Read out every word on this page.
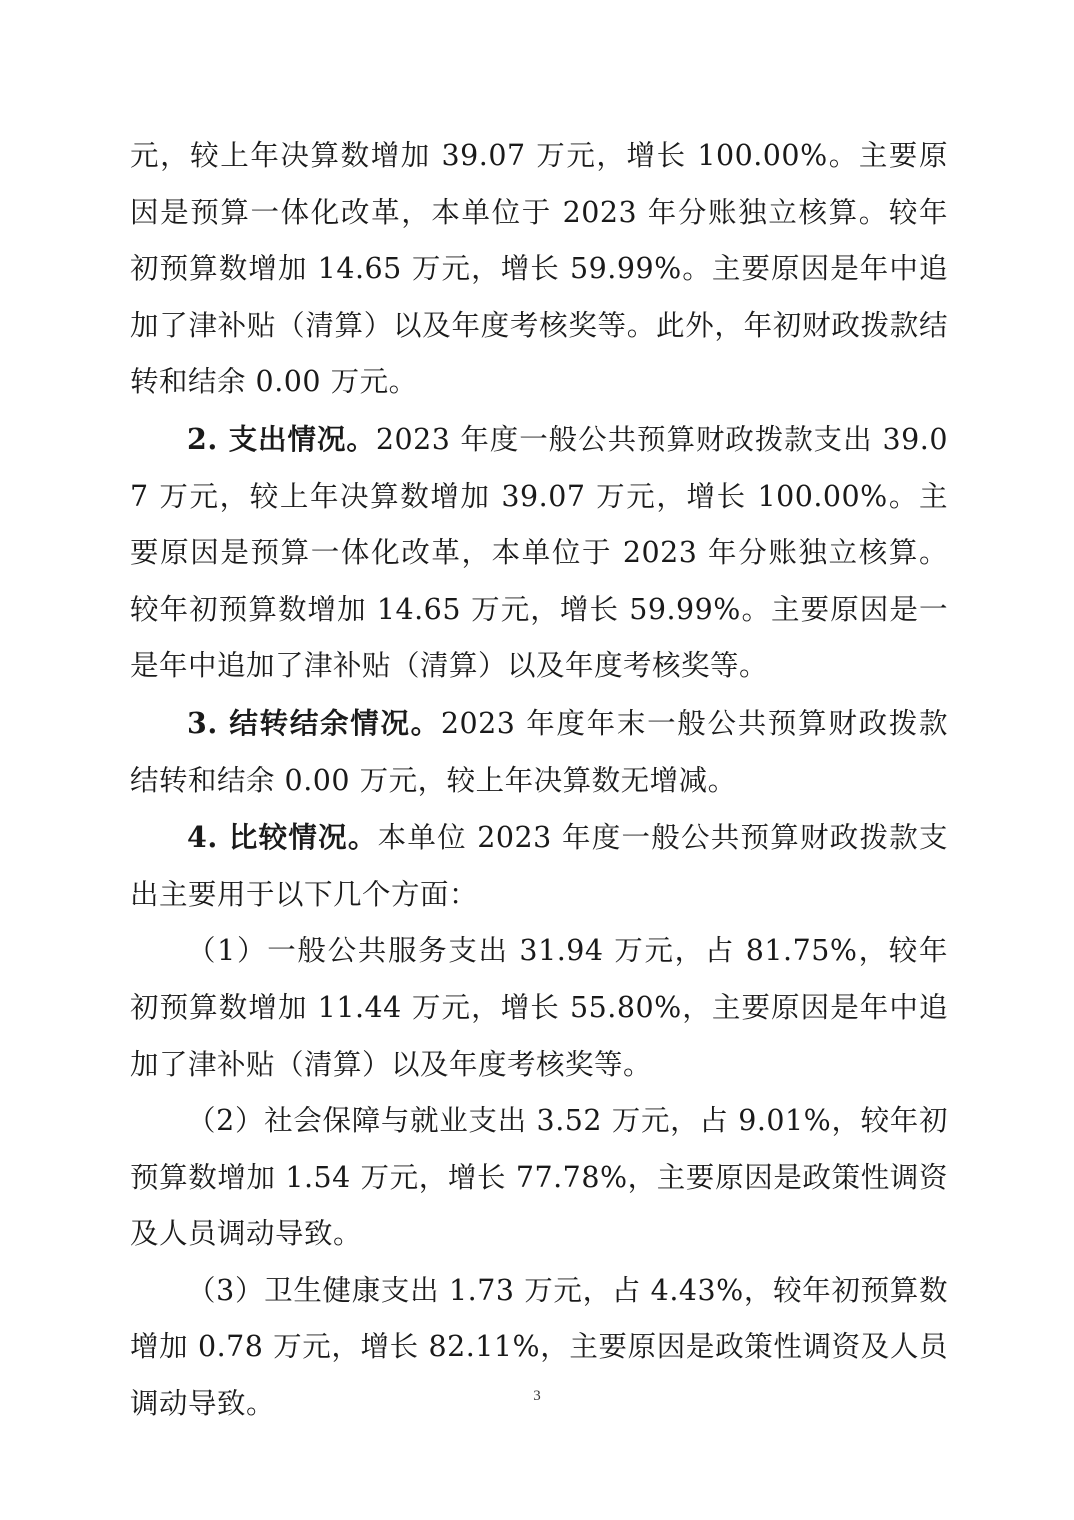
元，较上年决算数增加 39.07 万元，增长 100.00%。主要原因是预算一体化改革，本单位于 2023 年分账独立核算。较年初预算数增加 14.65 万元，增长 59.99%。主要原因是年中追加了津补贴（清算）以及年度考核奖等。此外，年初财政拨款结转和结余 0.00 万元。

2. 支出情况。2023 年度一般公共预算财政拨款支出 39.07 万元，较上年决算数增加 39.07 万元，增长 100.00%。主要原因是预算一体化改革，本单位于 2023 年分账独立核算。较年初预算数增加 14.65 万元，增长 59.99%。主要原因是一是年中追加了津补贴（清算）以及年度考核奖等。

3. 结转结余情况。2023 年度年末一般公共预算财政拨款结转和结余 0.00 万元，较上年决算数无增减。

4. 比较情况。本单位 2023 年度一般公共预算财政拨款支出主要用于以下几个方面：

（1）一般公共服务支出 31.94 万元，占 81.75%，较年初预算数增加 11.44 万元，增长 55.80%，主要原因是年中追加了津补贴（清算）以及年度考核奖等。

（2）社会保障与就业支出 3.52 万元，占 9.01%，较年初预算数增加 1.54 万元，增长 77.78%，主要原因是政策性调资及人员调动导致。

（3）卫生健康支出 1.73 万元，占 4.43%，较年初预算数增加 0.78 万元，增长 82.11%，主要原因是政策性调资及人员调动导致。	3
